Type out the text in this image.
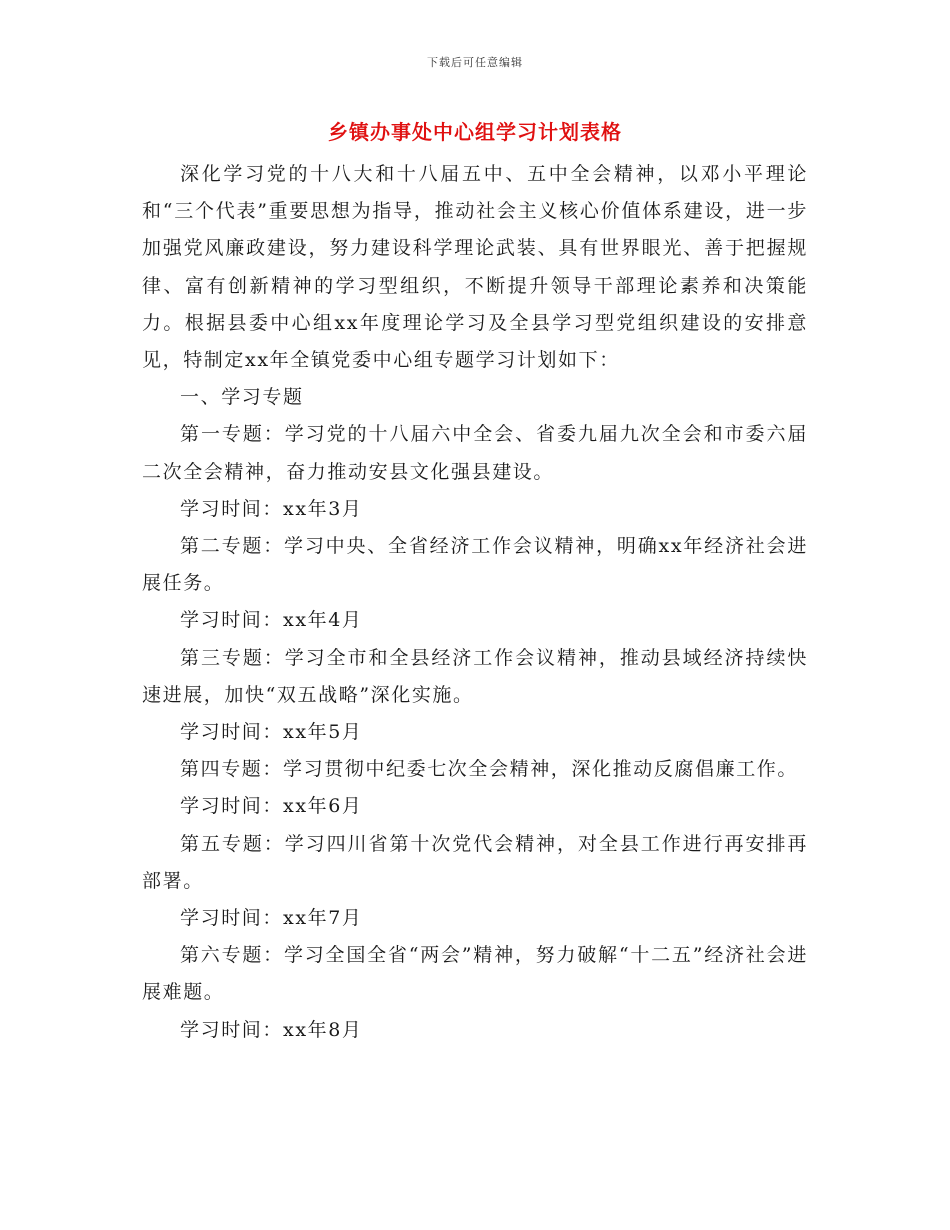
下载后可任意编辑
乡镇办事处中心组学习计划表格

深化学习党的十八大和十八届五中、五中全会精神，以邓小平理论和“三个代表”重要思想为指导，推动社会主义核心价值体系建设，进一步加强党风廉政建设，努力建设科学理论武装、具有世界眼光、善于把握规律、富有创新精神的学习型组织，不断提升领导干部理论素养和决策能力。根据县委中心组xx年度理论学习及全县学习型党组织建设的安排意见，特制定xx年全镇党委中心组专题学习计划如下：

一、学习专题

第一专题：学习党的十八届六中全会、省委九届九次全会和市委六届二次全会精神，奋力推动安县文化强县建设。

学习时间：xx年3月

第二专题：学习中央、全省经济工作会议精神，明确xx年经济社会进展任务。

学习时间：xx年4月

第三专题：学习全市和全县经济工作会议精神，推动县域经济持续快速进展，加快“双五战略”深化实施。

学习时间：xx年5月

第四专题：学习贯彻中纪委七次全会精神，深化推动反腐倡廉工作。

学习时间：xx年6月

第五专题：学习四川省第十次党代会精神，对全县工作进行再安排再部署。

学习时间：xx年7月

第六专题：学习全国全省“两会”精神，努力破解“十二五”经济社会进展难题。

学习时间：xx年8月
